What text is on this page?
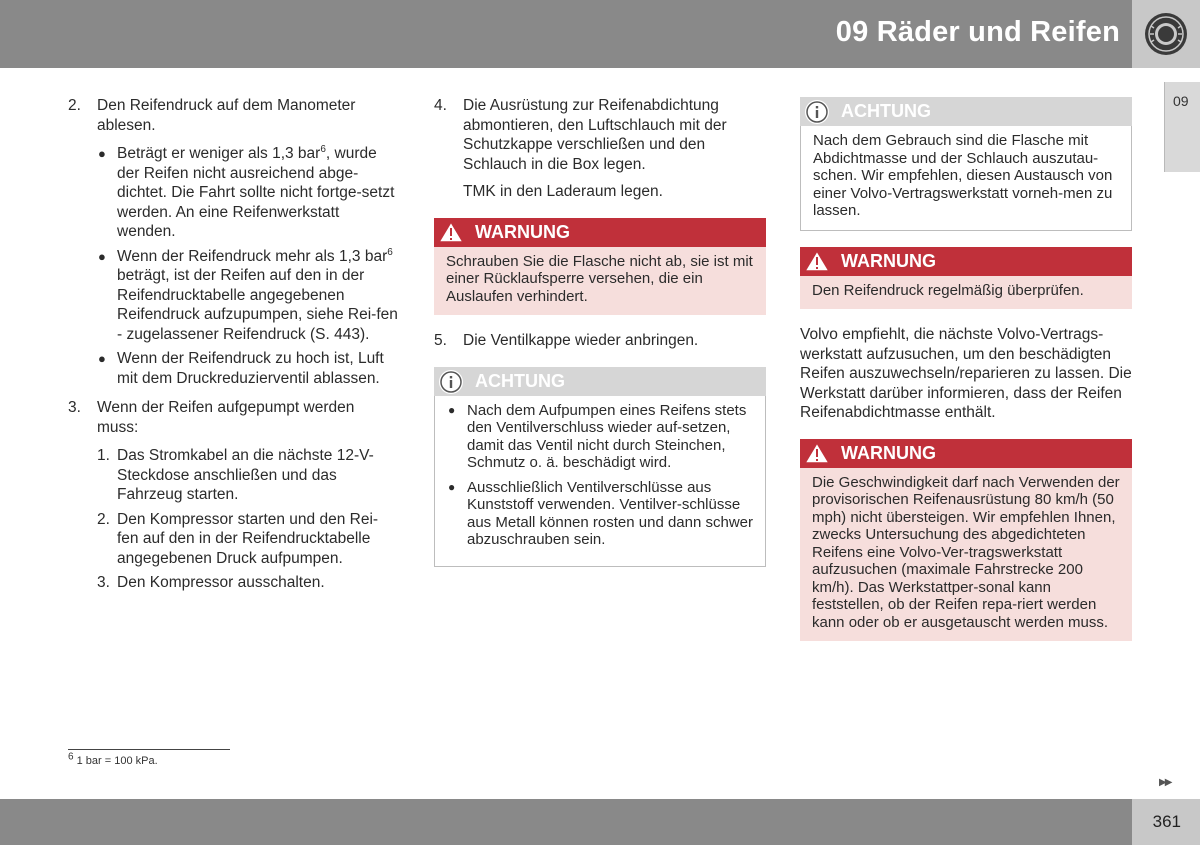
09 Räder und Reifen
09
2. Den Reifendruck auf dem Manometer ablesen.
● Beträgt er weniger als 1,3 bar$^6$, wurde der Reifen nicht ausreichend abge-dichtet. Die Fahrt sollte nicht fortge-setzt werden. An eine Reifenwerkstatt wenden.
● Wenn der Reifendruck mehr als 1,3 bar$^6$ beträgt, ist der Reifen auf den in der Reifendrucktabelle angegebenen Reifendruck aufzupumpen, siehe Rei-fen - zugelassener Reifendruck (S. 443).
● Wenn der Reifendruck zu hoch ist, Luft mit dem Druckreduzierventil ablassen.
3. Wenn der Reifen aufgepumpt werden muss:
1. Das Stromkabel an die nächste 12-V-Steckdose anschließen und das Fahrzeug starten.
2. Den Kompressor starten und den Rei-fen auf den in der Reifendrucktabelle angegebenen Druck aufpumpen.
3. Den Kompressor ausschalten.
4. Die Ausrüstung zur Reifenabdichtung abmontieren, den Luftschlauch mit der Schutzkappe verschließen und den Schlauch in die Box legen.
TMK in den Laderaum legen.
WARNUNG
Schrauben Sie die Flasche nicht ab, sie ist mit einer Rücklaufsperre versehen, die ein Auslaufen verhindert.
5. Die Ventilkappe wieder anbringen.
ACHTUNG
● Nach dem Aufpumpen eines Reifens stets den Ventilverschluss wieder auf-setzen, damit das Ventil nicht durch Steinchen, Schmutz o. ä. beschädigt wird.
● Ausschließlich Ventilverschlüsse aus Kunststoff verwenden. Ventilver-schlüsse aus Metall können rosten und dann schwer abzuschrauben sein.
ACHTUNG
Nach dem Gebrauch sind die Flasche mit Abdichtmasse und der Schlauch auszutau-schen. Wir empfehlen, diesen Austausch von einer Volvo-Vertragswerkstatt vorneh-men zu lassen.
WARNUNG
Den Reifendruck regelmäßig überprüfen.
Volvo empfiehlt, die nächste Volvo-Vertrags-werkstatt aufzusuchen, um den beschädigten Reifen auszuwechseln/reparieren zu lassen. Die Werkstatt darüber informieren, dass der Reifen Reifenabdichtmasse enthält.
WARNUNG
Die Geschwindigkeit darf nach Verwenden der provisorischen Reifenausrüstung 80 km/h (50 mph) nicht übersteigen. Wir empfehlen Ihnen, zwecks Untersuchung des abgedichteten Reifens eine Volvo-Ver-tragswerkstatt aufzusuchen (maximale Fahrstrecke 200 km/h). Das Werkstattper-sonal kann feststellen, ob der Reifen repa-riert werden kann oder ob er ausgetauscht werden muss.
$^6$ 1 bar = 100 kPa.
▶▶
361
